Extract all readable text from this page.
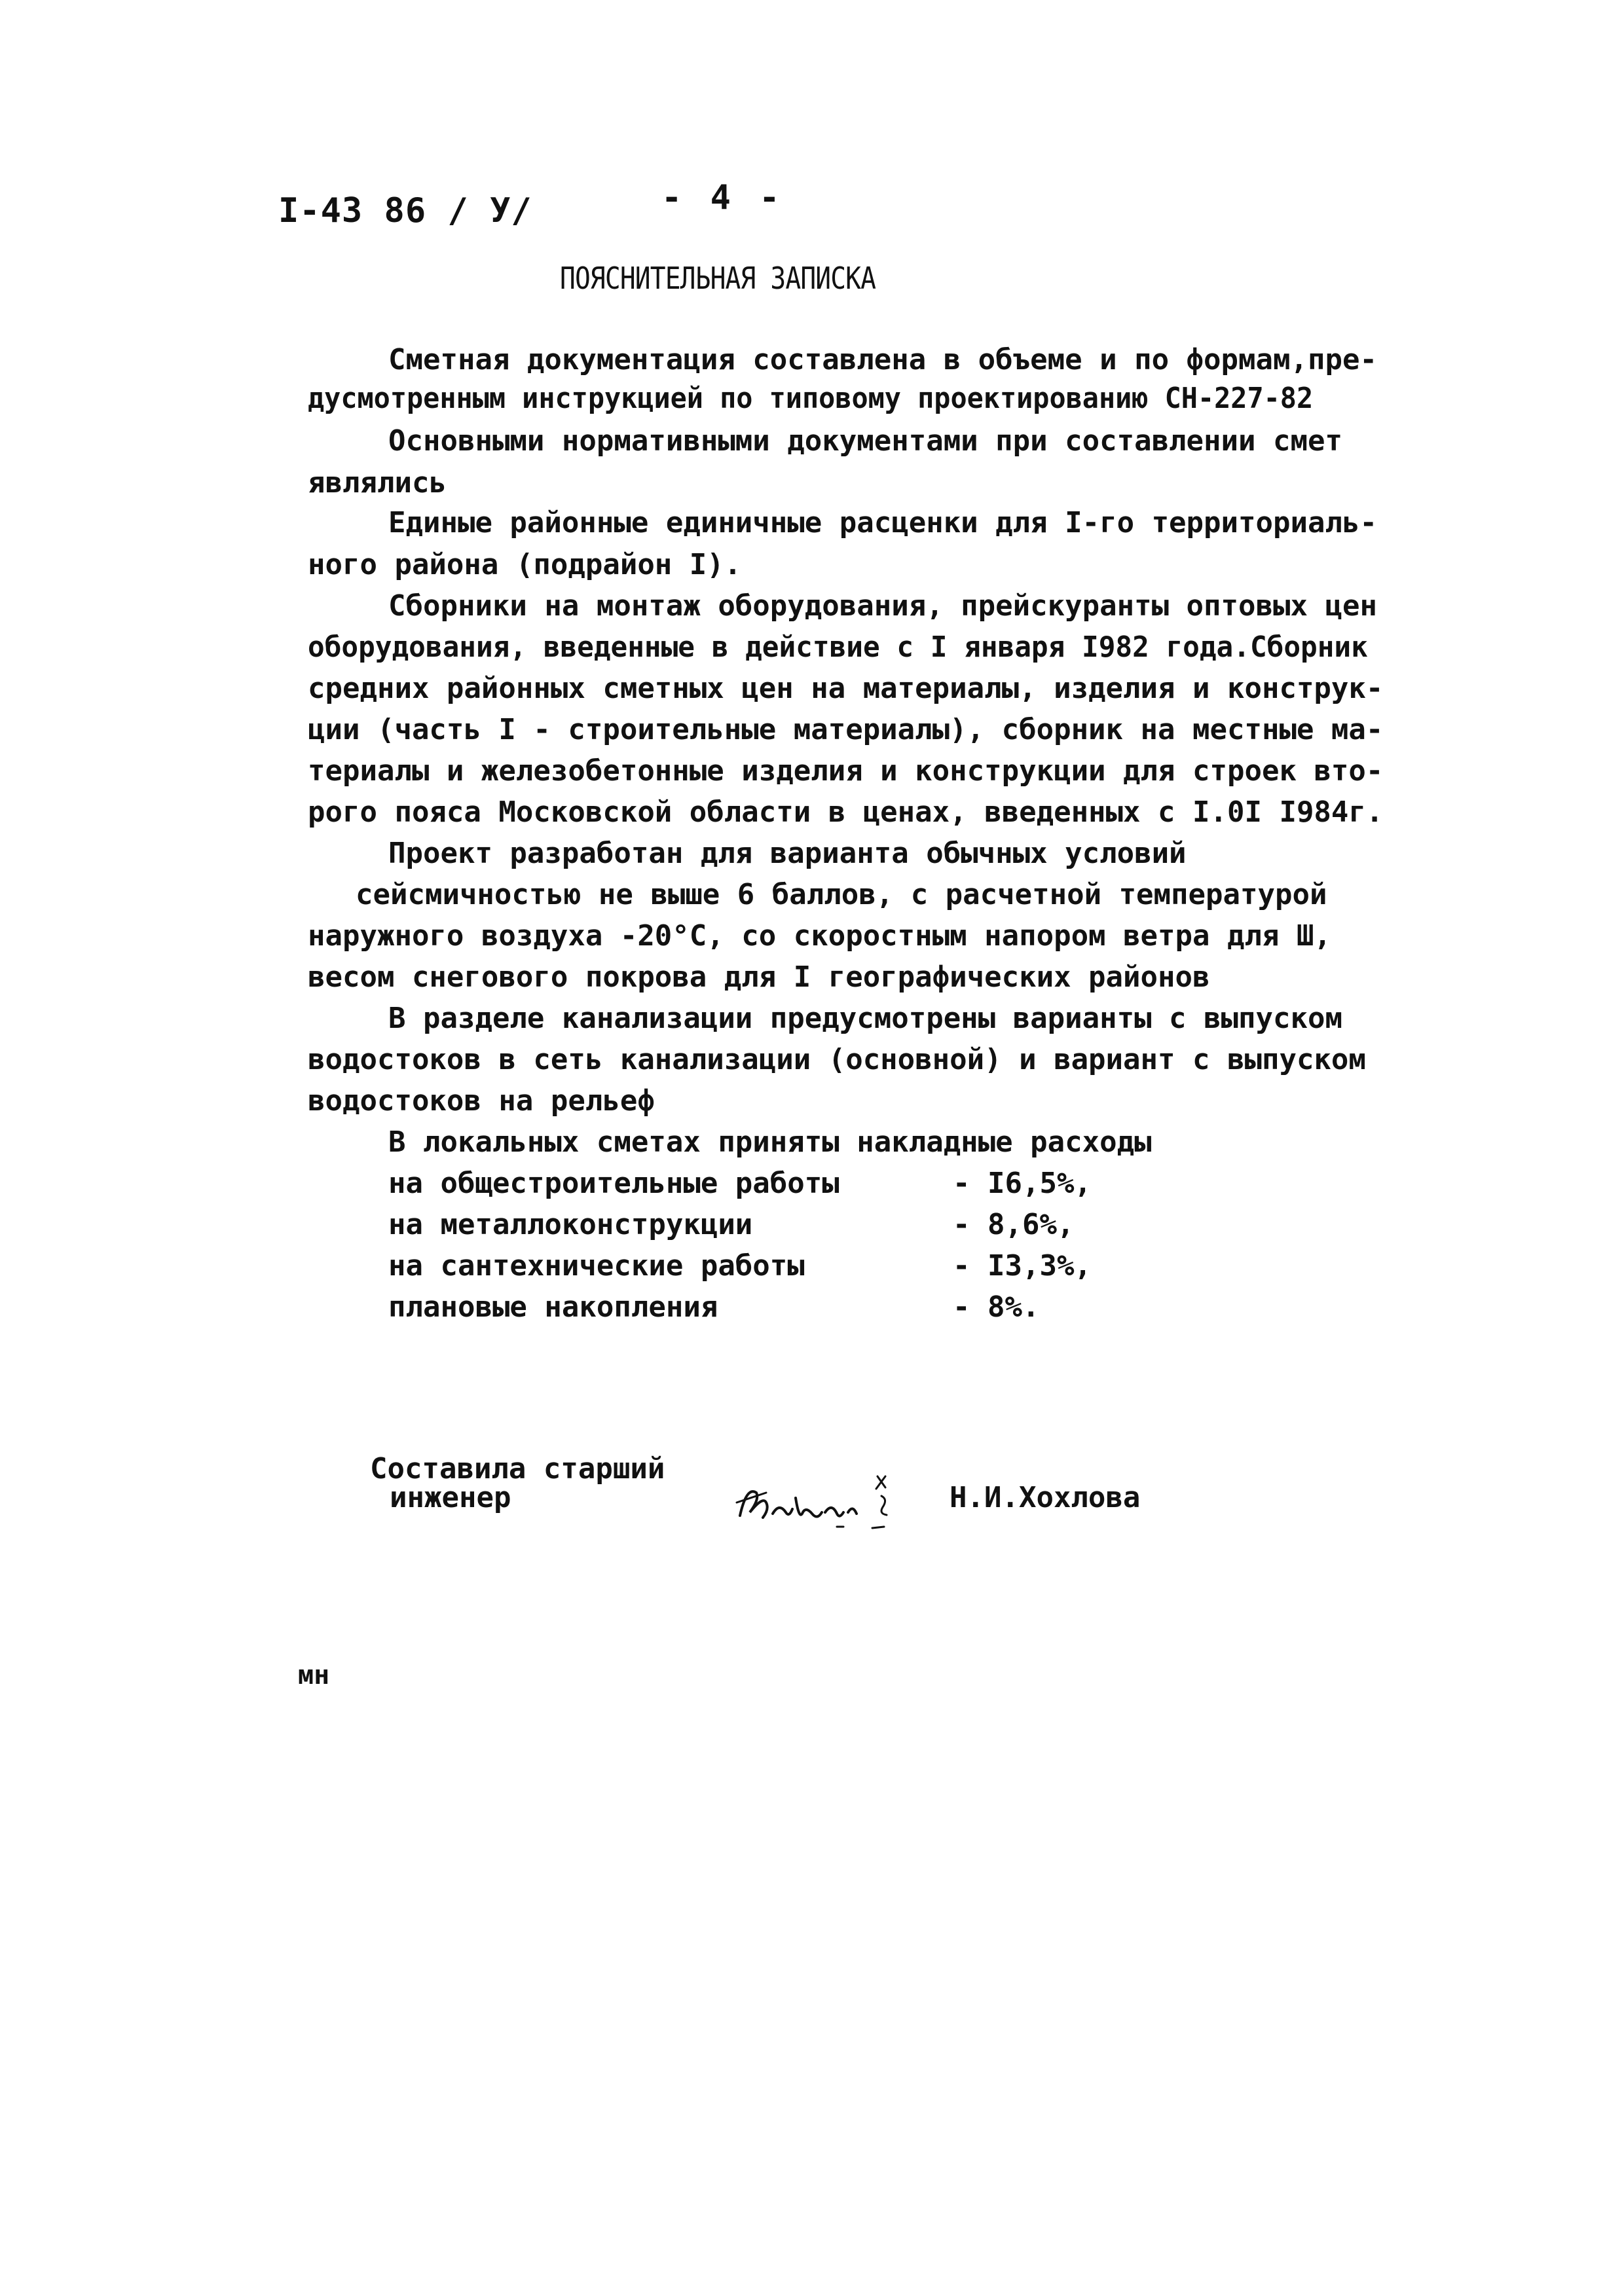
I-43 86 / У/	- 4 -
ПОЯСНИТЕЛЬНАЯ ЗАПИСКА
Сметная документация составлена в объеме и по формам,пре-
дусмотренным инструкцией по типовому проектированию СН-227-82
Основными нормативными документами при составлении смет
являлись
Единые районные единичные расценки для I-го территориаль-
ного района (подрайон I).
Сборники на монтаж оборудования, прейскуранты оптовых цен
оборудования, введенные в действие с I января I982 года.Сборник
средних районных сметных цен на материалы, изделия и конструк-
ции (часть I - строительные материалы), сборник на местные ма-
териалы и железобетонные изделия и конструкции для строек вто-
рого пояса Московской области в ценах, введенных с I.0I I984г.
Проект разработан для варианта обычных условий
сейсмичностью не выше 6 баллов, с расчетной температурой
наружного воздуха -20°С, со скоростным напором ветра для Ш,
весом снегового покрова для I географических районов
В разделе канализации предусмотрены варианты с выпуском
водостоков в сеть канализации (основной) и вариант с выпуском
водостоков на рельеф
В локальных сметах приняты накладные расходы
на общестроительные работы	- I6,5%,
на металлоконструкции	- 8,6%,
на сантехнические работы	- I3,3%,
плановые накопления	- 8%.
Составила старший
инженер	Н.И.Хохлова
мн
